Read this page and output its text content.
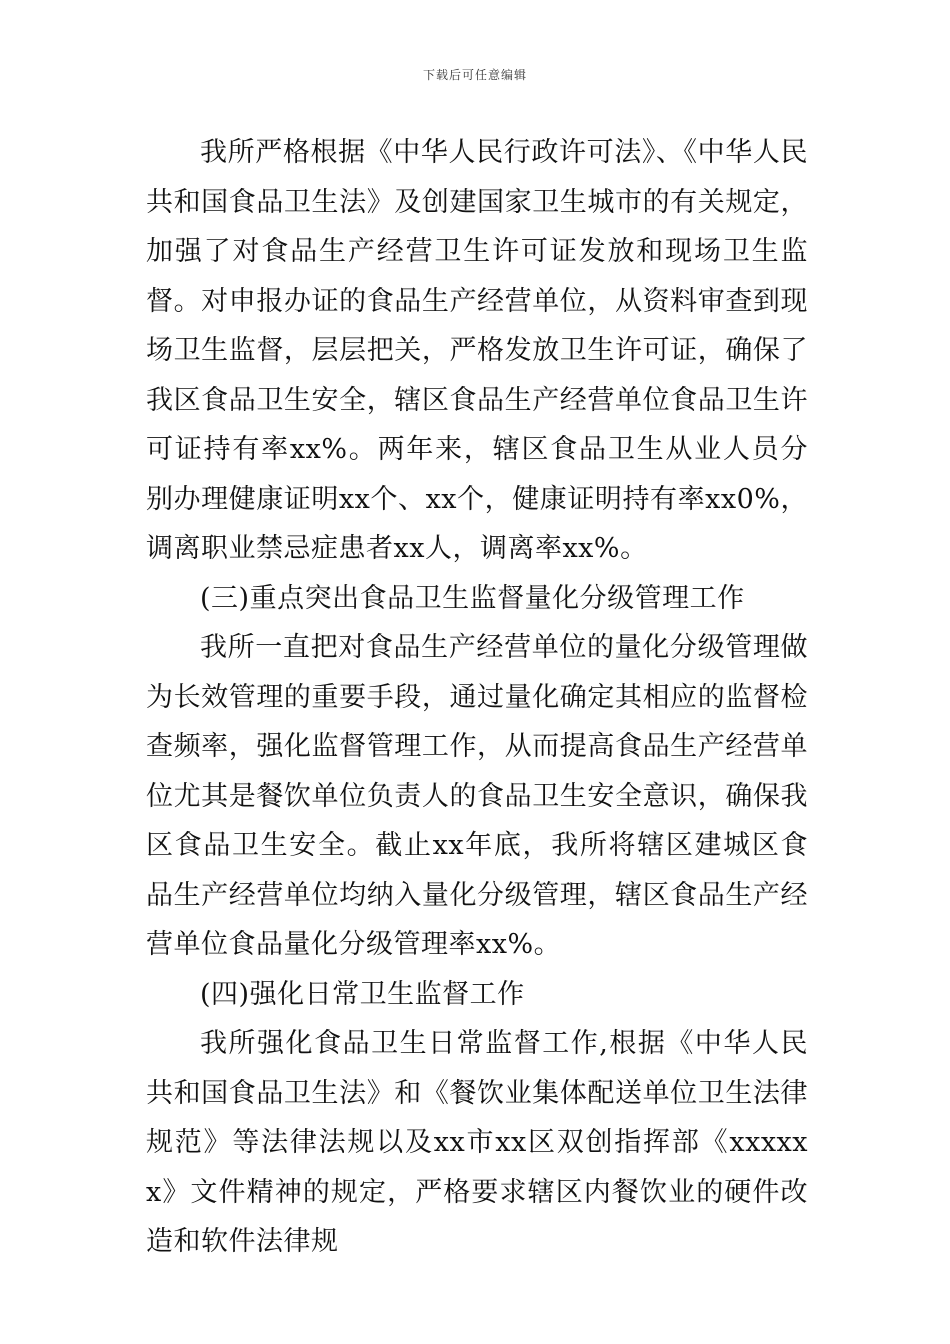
下载后可任意编辑

我所严格根据《中华人民行政许可法》、《中华人民共和国食品卫生法》及创建国家卫生城市的有关规定，加强了对食品生产经营卫生许可证发放和现场卫生监督。对申报办证的食品生产经营单位，从资料审查到现场卫生监督，层层把关，严格发放卫生许可证，确保了我区食品卫生安全，辖区食品生产经营单位食品卫生许可证持有率xx%。两年来，辖区食品卫生从业人员分别办理健康证明xx个、xx个，健康证明持有率xx0%，调离职业禁忌症患者xx人，调离率xx%。

(三)重点突出食品卫生监督量化分级管理工作

我所一直把对食品生产经营单位的量化分级管理做为长效管理的重要手段，通过量化确定其相应的监督检查频率，强化监督管理工作，从而提高食品生产经营单位尤其是餐饮单位负责人的食品卫生安全意识，确保我区食品卫生安全。截止xx年底，我所将辖区建城区食品生产经营单位均纳入量化分级管理，辖区食品生产经营单位食品量化分级管理率xx%。

(四)强化日常卫生监督工作

我所强化食品卫生日常监督工作,根据《中华人民共和国食品卫生法》和《餐饮业集体配送单位卫生法律规范》等法律法规以及xx市xx区双创指挥部《xxxxxx》文件精神的规定，严格要求辖区内餐饮业的硬件改造和软件法律规
